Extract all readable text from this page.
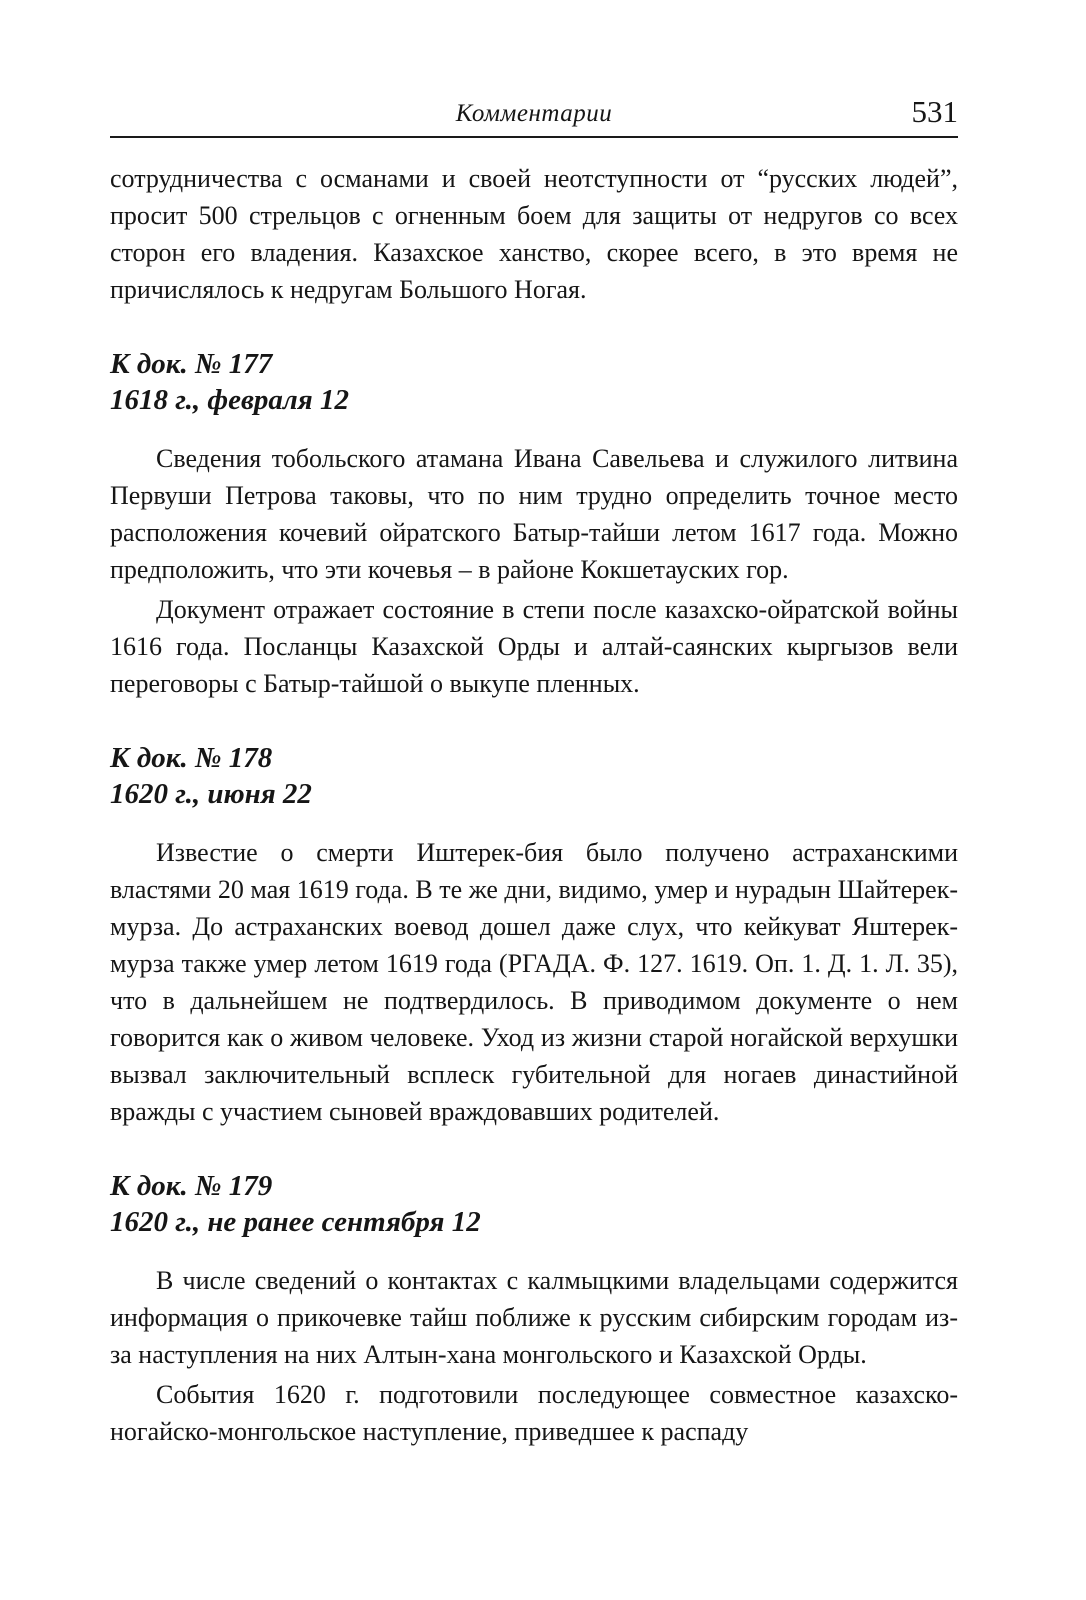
Комментарии	531

сотрудничества с османами и своей неотступности от “русских людей”, просит 500 стрельцов с огненным боем для защиты от недругов со всех сторон его владения. Казахское ханство, скорее всего, в это время не причислялось к недругам Большого Ногая.

К док. № 177
1618 г., февраля 12

Сведения тобольского атамана Ивана Савельева и служилого литвина Первуши Петрова таковы, что по ним трудно определить точное место расположения кочевий ойратского Батыр-тайши летом 1617 года. Можно предположить, что эти кочевья – в районе Кокшетауских гор.

Документ отражает состояние в степи после казахско-ойратской войны 1616 года. Посланцы Казахской Орды и алтай-саянских кыргызов вели переговоры с Батыр-тайшой о выкупе пленных.

К док. № 178
1620 г., июня 22

Известие о смерти Иштерек-бия было получено астраханскими властями 20 мая 1619 года. В те же дни, видимо, умер и нурадын Шайтерек-мурза. До астраханских воевод дошел даже слух, что кейкуват Яштерек-мурза также умер летом 1619 года (РГАДА. Ф. 127. 1619. Оп. 1. Д. 1. Л. 35), что в дальнейшем не подтвердилось. В приводимом документе о нем говорится как о живом человеке. Уход из жизни старой ногайской верхушки вызвал заключительный всплеск губительной для ногаев династийной вражды с участием сыновей враждовавших родителей.

К док. № 179
1620 г., не ранее сентября 12

В числе сведений о контактах с калмыцкими владельцами содержится информация о прикочевке тайш поближе к русским сибирским городам из-за наступления на них Алтын-хана монгольского и Казахской Орды.

События 1620 г. подготовили последующее совместное казахско-ногайско-монгольское наступление, приведшее к распаду
